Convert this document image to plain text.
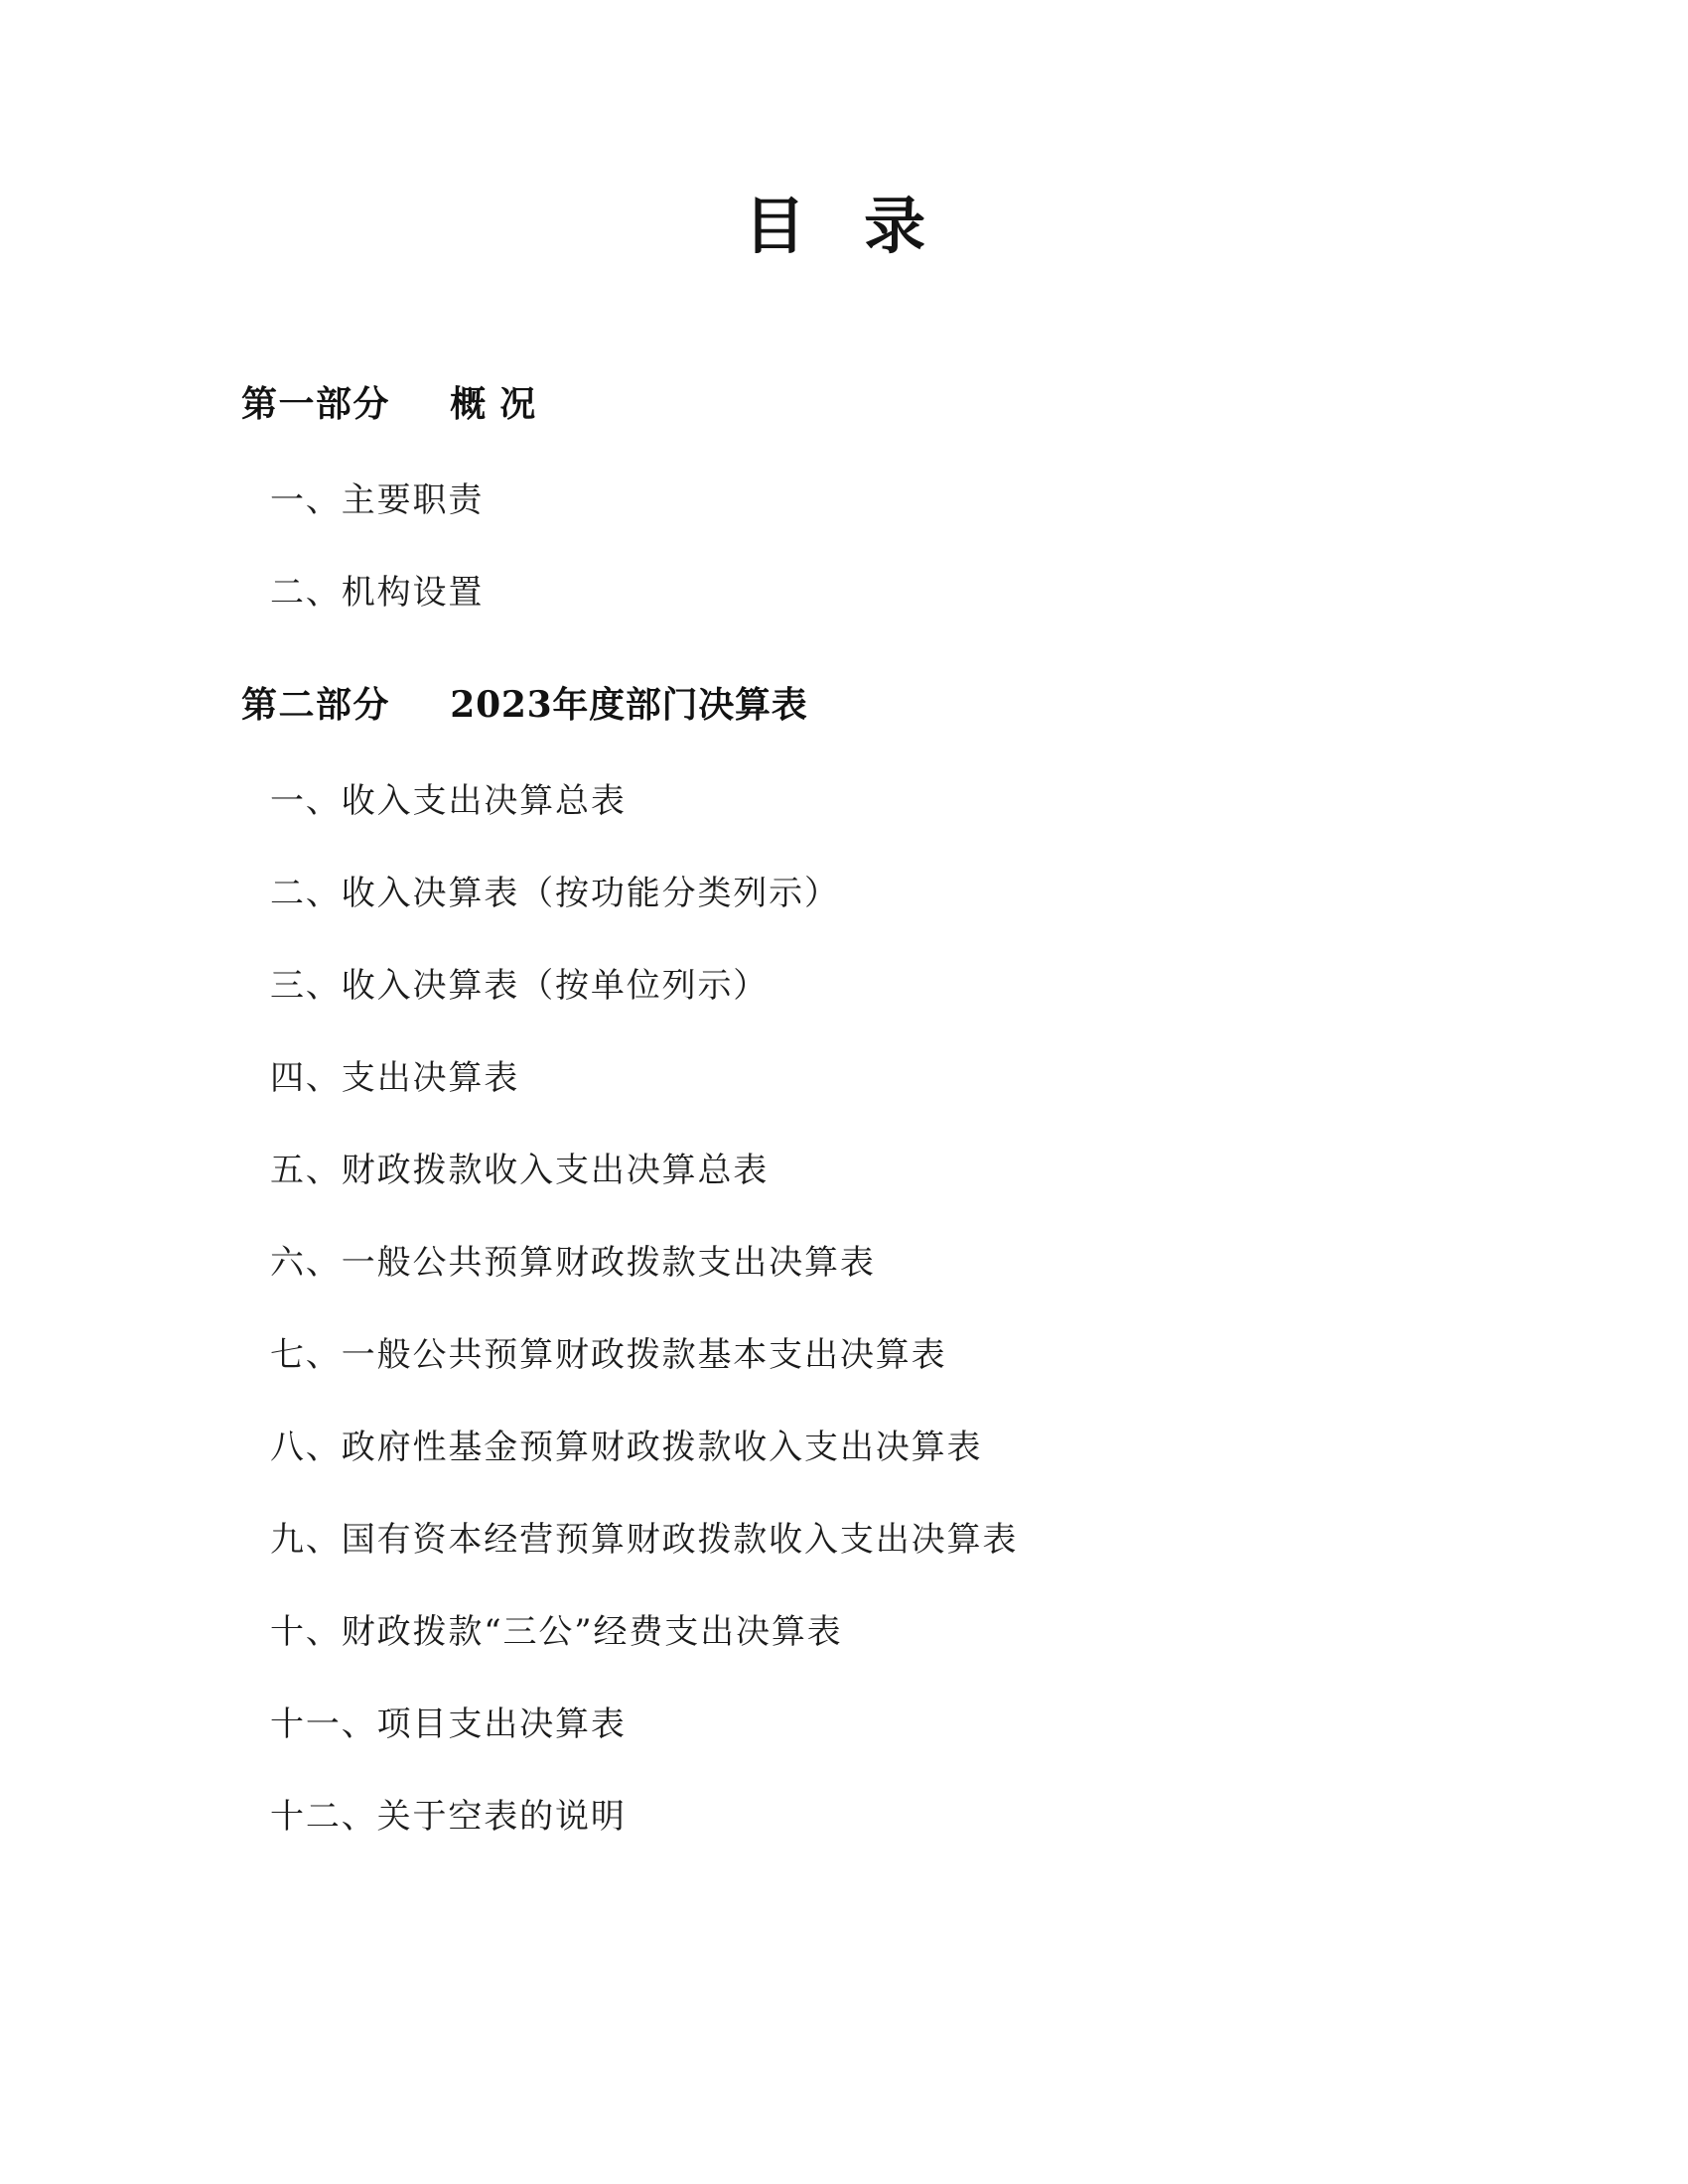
目 录
第一部分 概 况
一、主要职责
二、机构设置
第二部分 2023年度部门决算表
一、收入支出决算总表
二、收入决算表（按功能分类列示）
三、收入决算表（按单位列示）
四、支出决算表
五、财政拨款收入支出决算总表
六、一般公共预算财政拨款支出决算表
七、一般公共预算财政拨款基本支出决算表
八、政府性基金预算财政拨款收入支出决算表
九、国有资本经营预算财政拨款收入支出决算表
十、财政拨款“三公”经费支出决算表
十一、项目支出决算表
十二、关于空表的说明
